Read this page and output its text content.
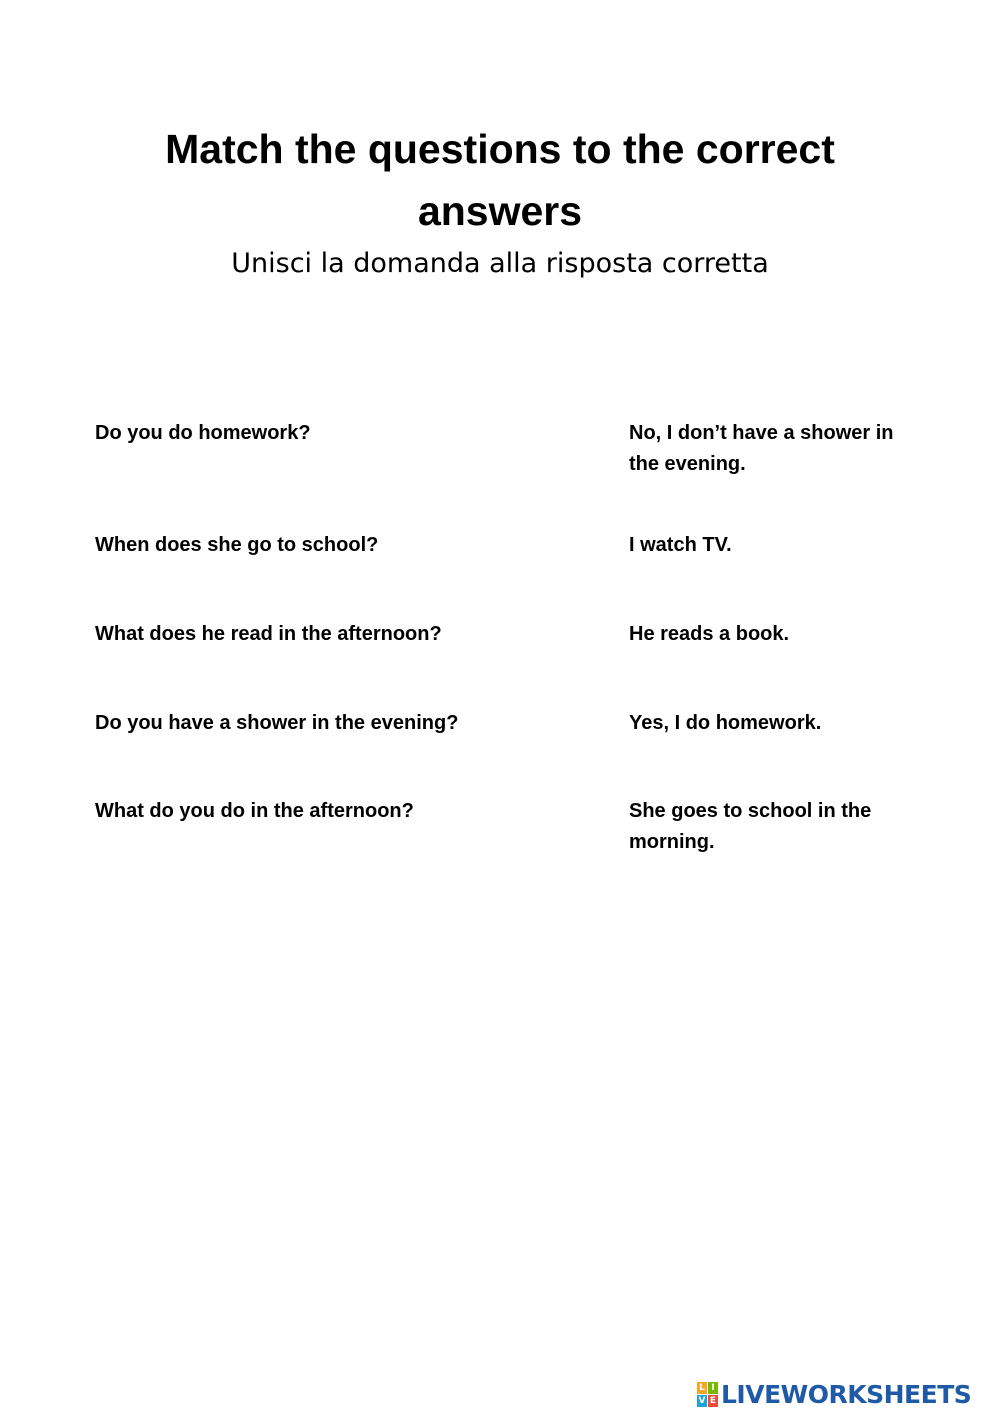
Match the questions to the correct answers
Unisci la domanda alla risposta corretta

Do you do homework?

When does she go to school?

What does he read in the afternoon?

Do you have a shower in the evening?

What do you do in the afternoon?

No, I don’t have a shower in the evening.

I watch TV.

He reads a book.

Yes, I do homework.

She goes to school in the morning.

L I
V E LIVEWORKSHEETS
